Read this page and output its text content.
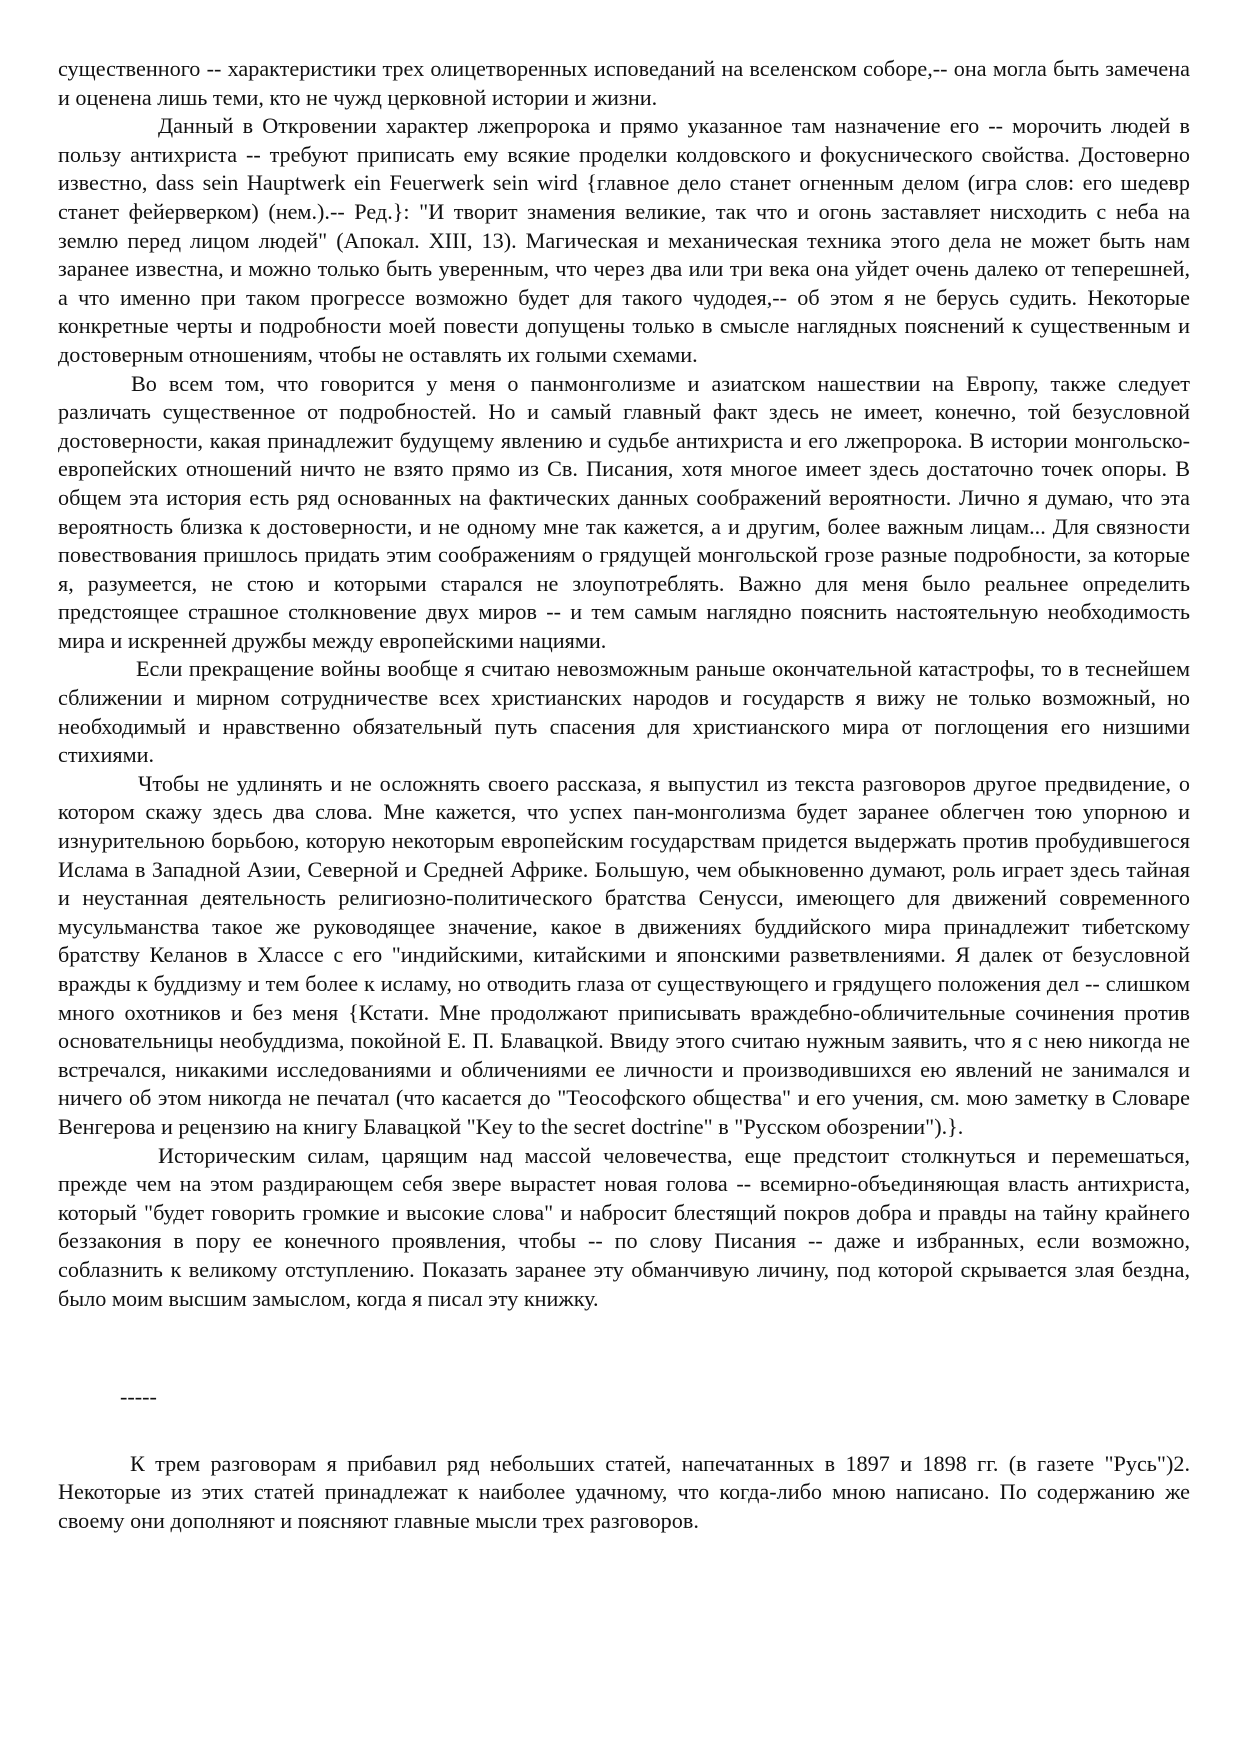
существенного -- характеристики трех олицетворенных исповеданий на вселенском соборе,-- она могла быть замечена и оценена лишь теми, кто не чужд церковной истории и жизни.

Данный в Откровении характер лжепророка и прямо указанное там назначение его -- морочить людей в пользу антихриста -- требуют приписать ему всякие проделки колдовского и фокуснического свойства. Достоверно известно, dass sein Hauptwerk ein Feuerwerk sein wird {главное дело станет огненным делом (игра слов: его шедевр станет фейерверком) (нем.).-- Ред.}: "И творит знамения великие, так что и огонь заставляет нисходить с неба на землю перед лицом людей" (Апокал. XIII, 13). Магическая и механическая техника этого дела не может быть нам заранее известна, и можно только быть уверенным, что через два или три века она уйдет очень далеко от теперешней, а что именно при таком прогрессе возможно будет для такого чудодея,-- об этом я не берусь судить. Некоторые конкретные черты и подробности моей повести допущены только в смысле наглядных пояснений к существенным и достоверным отношениям, чтобы не оставлять их голыми схемами.

Во всем том, что говорится у меня о панмонголизме и азиатском нашествии на Европу, также следует различать существенное от подробностей. Но и самый главный факт здесь не имеет, конечно, той безусловной достоверности, какая принадлежит будущему явлению и судьбе антихриста и его лжепророка. В истории монгольско-европейских отношений ничто не взято прямо из Св. Писания, хотя многое имеет здесь достаточно точек опоры. В общем эта история есть ряд основанных на фактических данных соображений вероятности. Лично я думаю, что эта вероятность близка к достоверности, и не одному мне так кажется, а и другим, более важным лицам... Для связности повествования пришлось придать этим соображениям о грядущей монгольской грозе разные подробности, за которые я, разумеется, не стою и которыми старался не злоупотреблять. Важно для меня было реальнее определить предстоящее страшное столкновение двух миров -- и тем самым наглядно пояснить настоятельную необходимость мира и искренней дружбы между европейскими нациями.

Если прекращение войны вообще я считаю невозможным раньше окончательной катастрофы, то в теснейшем сближении и мирном сотрудничестве всех христианских народов и государств я вижу не только возможный, но необходимый и нравственно обязательный путь спасения для христианского мира от поглощения его низшими стихиями.

Чтобы не удлинять и не осложнять своего рассказа, я выпустил из текста разговоров другое предвидение, о котором скажу здесь два слова. Мне кажется, что успех пан-монголизма будет заранее облегчен тою упорною и изнурительною борьбою, которую некоторым европейским государствам придется выдержать против пробудившегося Ислама в Западной Азии, Северной и Средней Африке. Большую, чем обыкновенно думают, роль играет здесь тайная и неустанная деятельность религиозно-политического братства Сенусси, имеющего для движений современного мусульманства такое же руководящее значение, какое в движениях буддийского мира принадлежит тибетскому братству Келанов в Хлассе с его "индийскими, китайскими и японскими разветвлениями. Я далек от безусловной вражды к буддизму и тем более к исламу, но отводить глаза от существующего и грядущего положения дел -- слишком много охотников и без меня {Кстати. Мне продолжают приписывать враждебно-обличительные сочинения против основательницы необуддизма, покойной Е. П. Блавацкой. Ввиду этого считаю нужным заявить, что я с нею никогда не встречался, никакими исследованиями и обличениями ее личности и производившихся ею явлений не занимался и ничего об этом никогда не печатал (что касается до "Теософского общества" и его учения, см. мою заметку в Словаре Венгерова и рецензию на книгу Блавацкой "Key to the secret doctrine" в "Русском обозрении").}.

Историческим силам, царящим над массой человечества, еще предстоит столкнуться и перемешаться, прежде чем на этом раздирающем себя звере вырастет новая голова -- всемирно-объединяющая власть антихриста, который "будет говорить громкие и высокие слова" и набросит блестящий покров добра и правды на тайну крайнего беззакония в пору ее конечного проявления, чтобы -- по слову Писания -- даже и избранных, если возможно, соблазнить к великому отступлению. Показать заранее эту обманчивую личину, под которой скрывается злая бездна, было моим высшим замыслом, когда я писал эту книжку.

-----

К трем разговорам я прибавил ряд небольших статей, напечатанных в 1897 и 1898 гг. (в газете "Русь")2. Некоторые из этих статей принадлежат к наиболее удачному, что когда-либо мною написано. По содержанию же своему они дополняют и поясняют главные мысли трех разговоров.
